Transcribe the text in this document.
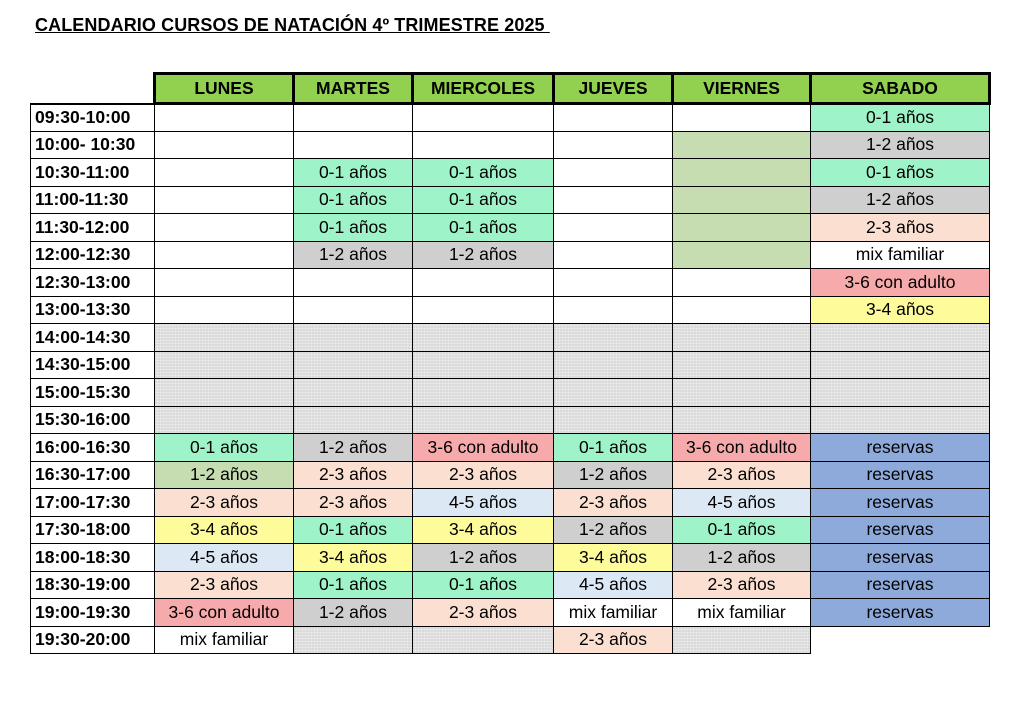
CALENDARIO CURSOS DE NATACIÓN 4º TRIMESTRE 2025
	LUNES	MARTES	MIERCOLES	JUEVES	VIERNES	SABADO
09:30-10:00						0-1 años
10:00- 10:30						1-2 años
10:30-11:00		0-1 años	0-1 años			0-1 años
11:00-11:30		0-1 años	0-1 años			1-2 años
11:30-12:00		0-1 años	0-1 años			2-3 años
12:00-12:30		1-2 años	1-2 años			mix familiar
12:30-13:00						3-6 con adulto
13:00-13:30						3-4 años
14:00-14:30						
14:30-15:00						
15:00-15:30						
15:30-16:00						
16:00-16:30	0-1 años	1-2 años	3-6 con adulto	0-1 años	3-6 con adulto	reservas
16:30-17:00	1-2 años	2-3 años	2-3 años	1-2 años	2-3 años	reservas
17:00-17:30	2-3 años	2-3 años	4-5 años	2-3 años	4-5 años	reservas
17:30-18:00	3-4 años	0-1 años	3-4 años	1-2 años	0-1 años	reservas
18:00-18:30	4-5 años	3-4 años	1-2 años	3-4 años	1-2 años	reservas
18:30-19:00	2-3 años	0-1 años	0-1 años	4-5 años	2-3 años	reservas
19:00-19:30	3-6 con adulto	1-2 años	2-3 años	mix familiar	mix familiar	reservas
19:30-20:00	mix familiar			2-3 años		
